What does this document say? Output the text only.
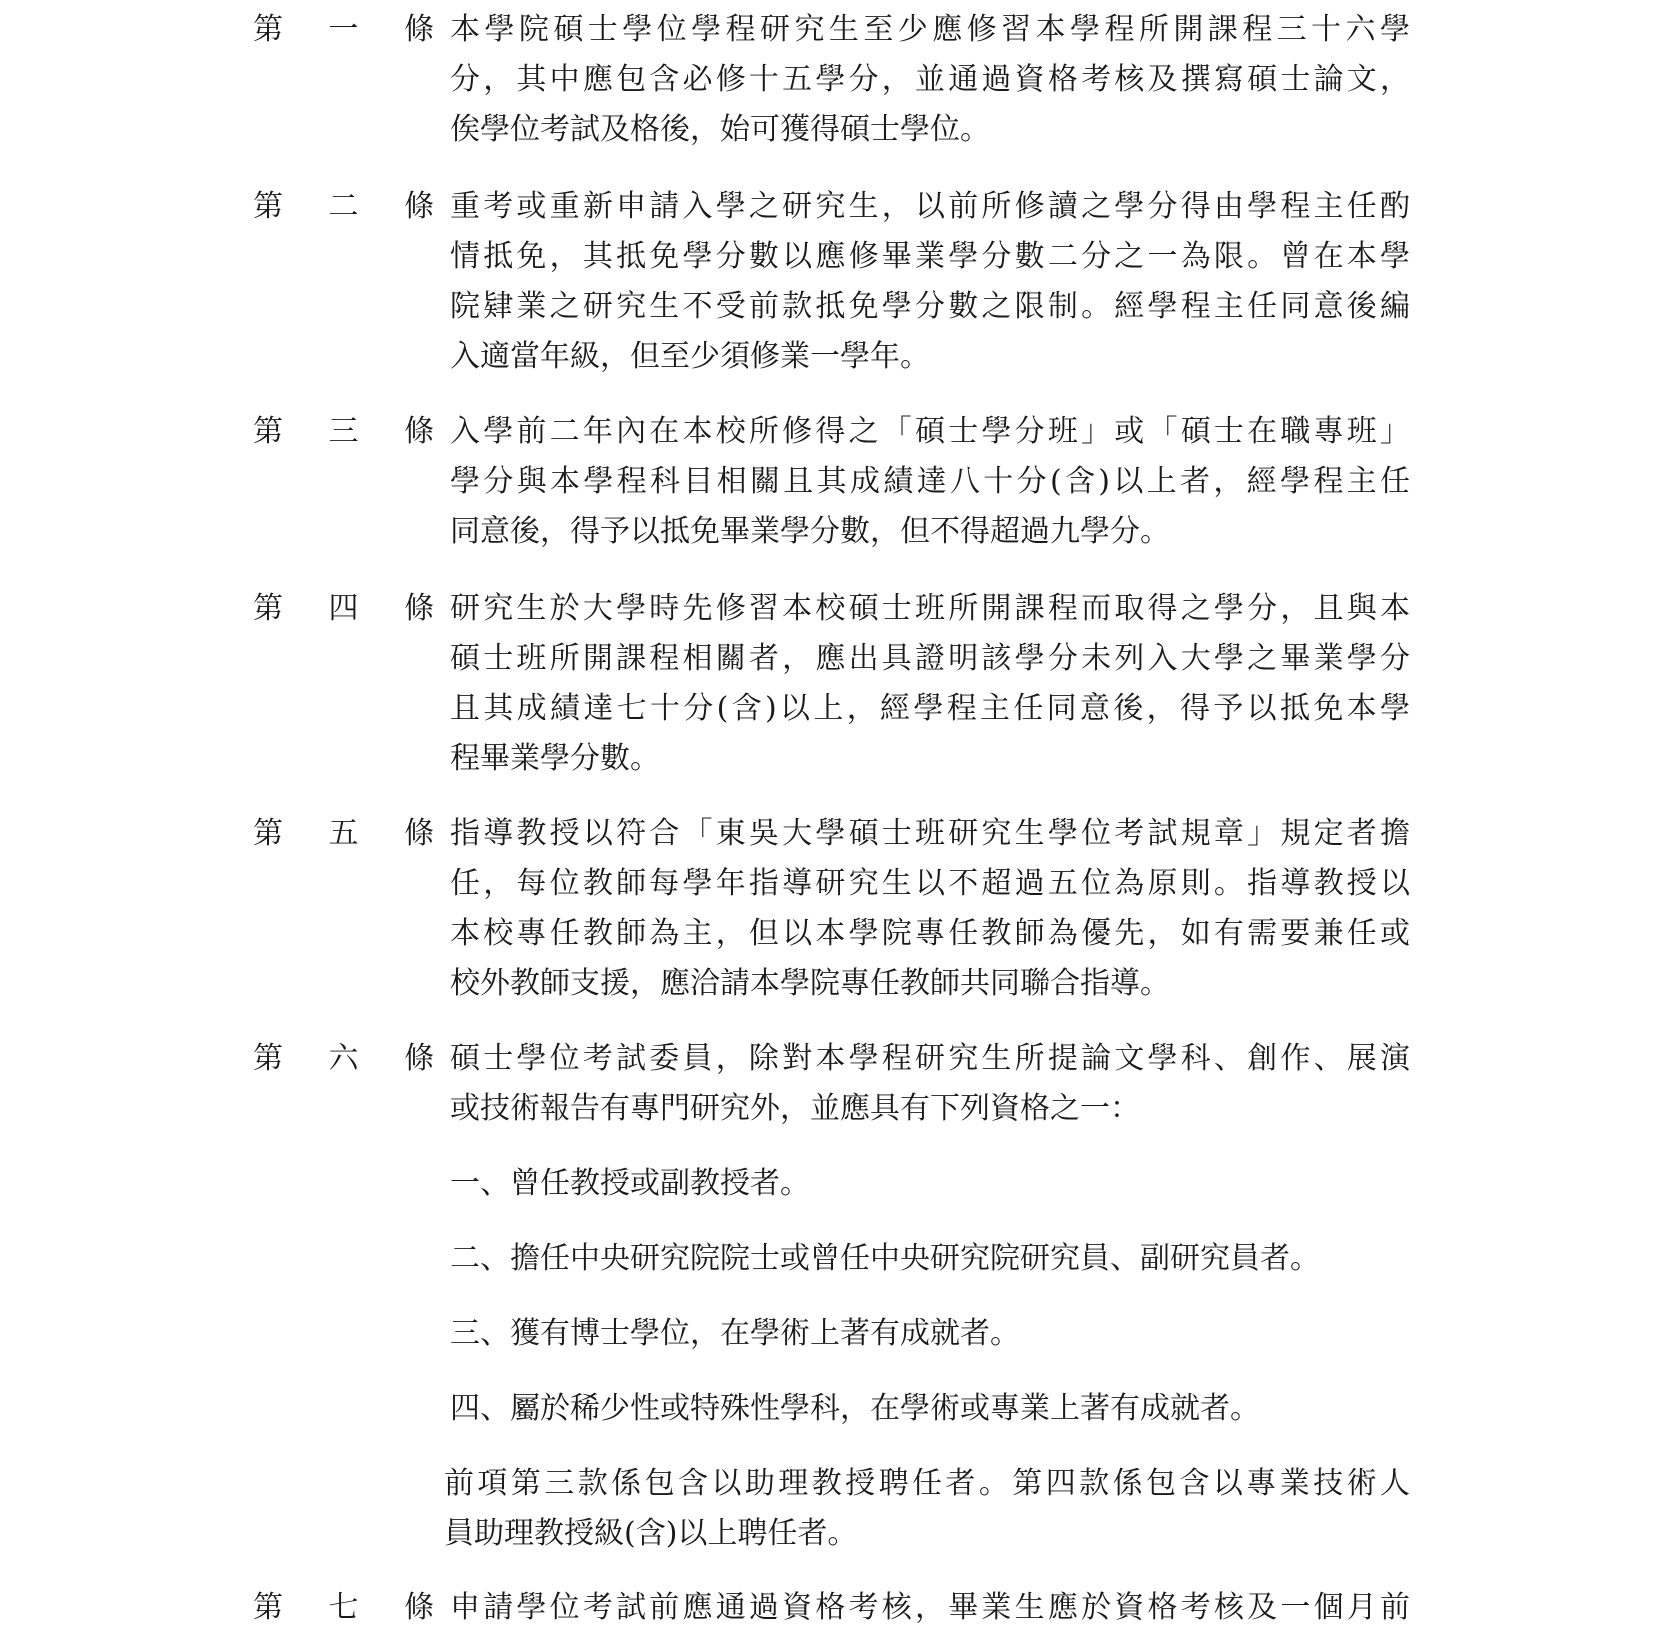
第 一 條
本學院碩士學位學程研究生至少應修習本學程所開課程三十六學
分，其中應包含必修十五學分，並通過資格考核及撰寫碩士論文，
俟學位考試及格後，始可獲得碩士學位。
第 二 條
重考或重新申請入學之研究生，以前所修讀之學分得由學程主任酌
情抵免，其抵免學分數以應修畢業學分數二分之一為限。曾在本學
院肄業之研究生不受前款抵免學分數之限制。經學程主任同意後編
入適當年級，但至少須修業一學年。
第 三 條
入學前二年內在本校所修得之「碩士學分班」或「碩士在職專班」
學分與本學程科目相關且其成績達八十分(含)以上者，經學程主任
同意後，得予以抵免畢業學分數，但不得超過九學分。
第 四 條
研究生於大學時先修習本校碩士班所開課程而取得之學分，且與本
碩士班所開課程相關者，應出具證明該學分未列入大學之畢業學分
且其成績達七十分(含)以上，經學程主任同意後，得予以抵免本學
程畢業學分數。
第 五 條
指導教授以符合「東吳大學碩士班研究生學位考試規章」規定者擔
任，每位教師每學年指導研究生以不超過五位為原則。指導教授以
本校專任教師為主，但以本學院專任教師為優先，如有需要兼任或
校外教師支援，應洽請本學院專任教師共同聯合指導。
第 六 條
碩士學位考試委員，除對本學程研究生所提論文學科、創作、展演
或技術報告有專門研究外，並應具有下列資格之一：
一、曾任教授或副教授者。
二、擔任中央研究院院士或曾任中央研究院研究員、副研究員者。
三、獲有博士學位，在學術上著有成就者。
四、屬於稀少性或特殊性學科，在學術或專業上著有成就者。
前項第三款係包含以助理教授聘任者。第四款係包含以專業技術人
員助理教授級(含)以上聘任者。
第 七 條
申請學位考試前應通過資格考核，畢業生應於資格考核及一個月前
